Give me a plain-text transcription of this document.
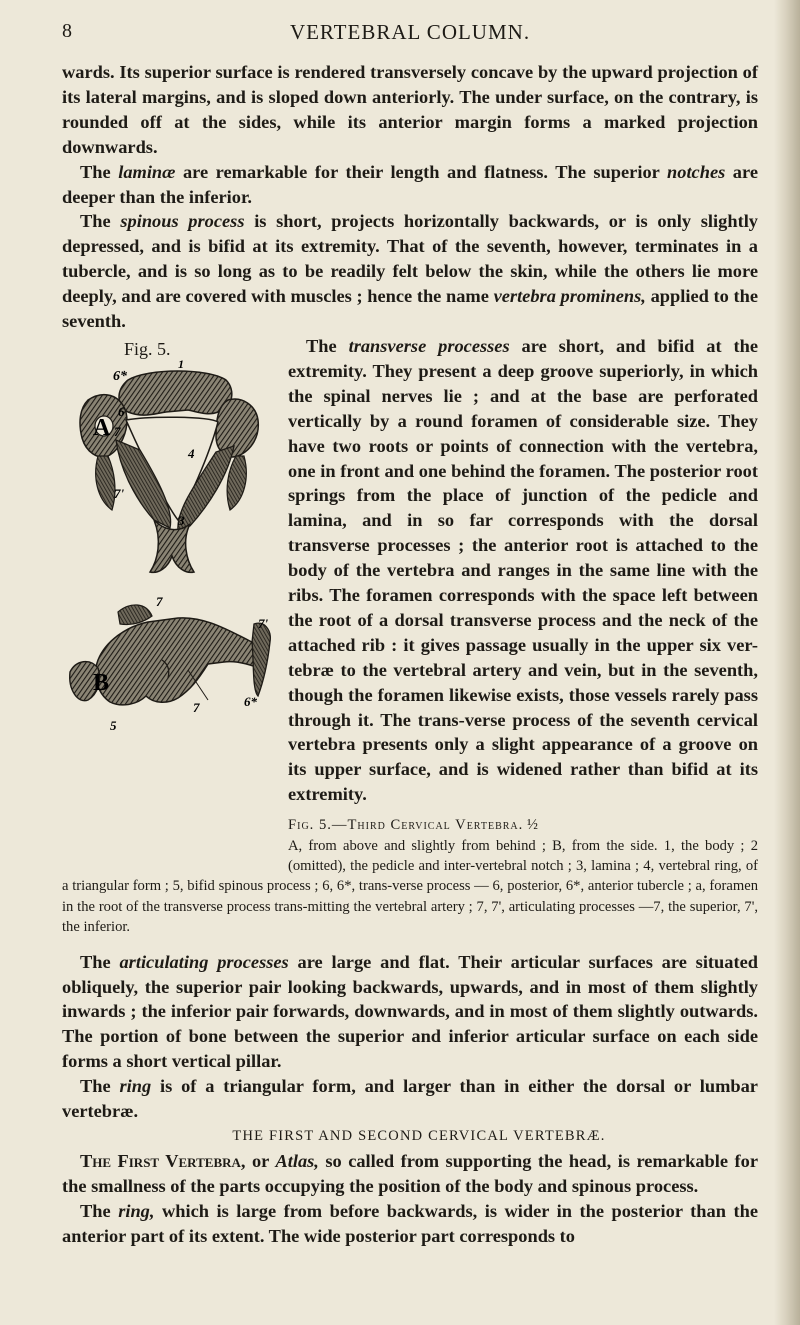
8	VERTEBRAL COLUMN.

wards. Its superior surface is rendered transversely concave by the upward projection of its lateral margins, and is sloped down anteriorly. The under surface, on the contrary, is rounded off at the sides, while its anterior margin forms a marked projection downwards.

The laminæ are remarkable for their length and flatness. The superior notches are deeper than the inferior.

The spinous process is short, projects horizontally backwards, or is only slightly depressed, and is bifid at its extremity. That of the seventh, however, terminates in a tubercle, and is so long as to be readily felt below the skin, while the others lie more deeply, and are covered with muscles ; hence the name vertebra prominens, applied to the seventh.

Fig. 5.
6*
1
6
A 7
4
7'
7
7'
7	6*
B
5
3
The transverse processes are short, and bifid at the extremity. They present a deep groove superiorly, in which the spinal nerves lie ; and at the base are perforated vertically by a round foramen of considerable size. They have two roots or points of connection with the vertebra, one in front and one behind the foramen. The posterior root springs from the place of junction of the pedicle and lamina, and in so far corresponds with the dorsal transverse processes ; the anterior root is attached to the body of the vertebra and ranges in the same line with the ribs. The foramen corresponds with the space left between the root of a dorsal transverse process and the neck of the attached rib : it gives passage usually in the upper six ver-tebræ to the vertebral artery and vein, but in the seventh, though the foramen likewise exists, those vessels rarely pass through it. The trans-verse process of the seventh cervical vertebra presents only a slight appearance of a groove on its upper surface, and is widened rather than bifid at its extremity.

Fig. 5.—Third Cervical Vertebra. ½
A, from above and slightly from behind ; B, from the side. 1, the body ; 2 (omitted), the pedicle and inter-vertebral notch ; 3, lamina ; 4, vertebral ring, of a triangular form ; 5, bifid spinous process ; 6, 6*, trans-verse process — 6, posterior, 6*, anterior tubercle ; a, foramen in the root of the transverse process trans-mitting the vertebral artery ; 7, 7', articulating processes —7, the superior, 7', the inferior.

The articulating processes are large and flat. Their articular surfaces are situated obliquely, the superior pair looking backwards, upwards, and in most of them slightly inwards ; the inferior pair forwards, downwards, and in most of them slightly outwards. The portion of bone between the superior and inferior articular surface on each side forms a short vertical pillar.

The ring is of a triangular form, and larger than in either the dorsal or lumbar vertebræ.

THE FIRST AND SECOND CERVICAL VERTEBRÆ.

The First Vertebra, or Atlas, so called from supporting the head, is remarkable for the smallness of the parts occupying the position of the body and spinous process.

The ring, which is large from before backwards, is wider in the posterior than the anterior part of its extent. The wide posterior part corresponds to
